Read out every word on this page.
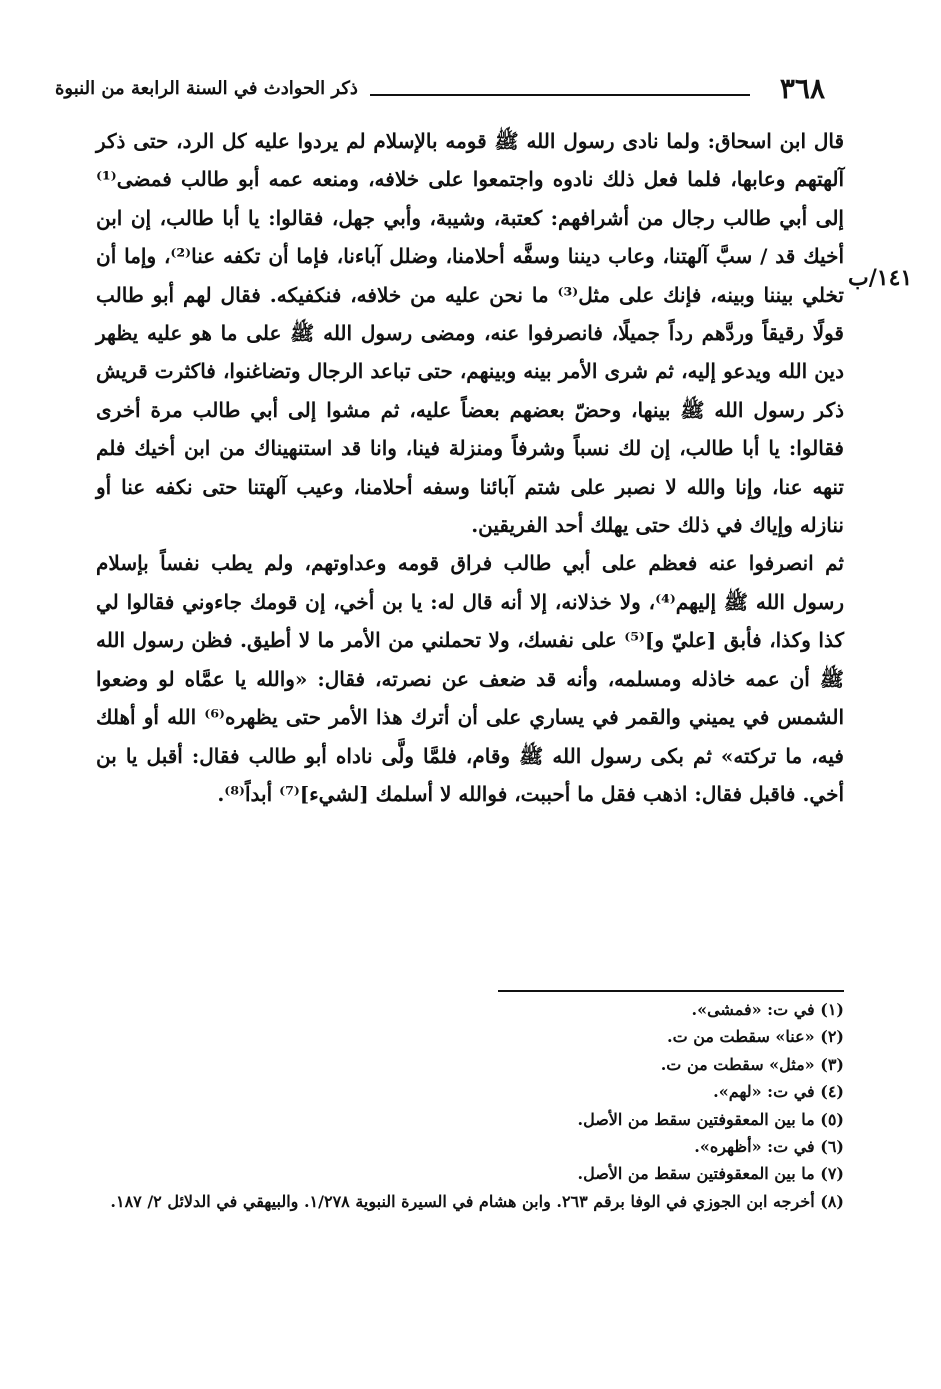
٣٦٨
ذكر الحوادث في السنة الرابعة من النبوة
١٤١/ب

قال ابن اسحاق: ولما نادى رسول الله ﷺ قومه بالإسلام لم يردوا عليه كل الرد، حتى ذكر آلهتهم وعابها، فلما فعل ذلك نادوه واجتمعوا على خلافه، ومنعه عمه أبو طالب فمضى⁽¹⁾ إلى أبي طالب رجال من أشرافهم: كعتبة، وشيبة، وأبي جهل، فقالوا: يا أبا طالب، إن ابن أخيك قد / سبَّ آلهتنا، وعاب ديننا وسفَّه أحلامنا، وضلل آباءنا، فإما أن تكفه عنا⁽²⁾، وإما أن تخلي بيننا وبينه، فإنك على مثل⁽³⁾ ما نحن عليه من خلافه، فنكفيكه. فقال لهم أبو طالب قولًا رقيقاً وردَّهم رداً جميلًا، فانصرفوا عنه، ومضى رسول الله ﷺ على ما هو عليه يظهر دين الله ويدعو إليه، ثم شرى الأمر بينه وبينهم، حتى تباعد الرجال وتضاغنوا، فاكثرت قريش ذكر رسول الله ﷺ بينها، وحضّ بعضهم بعضاً عليه، ثم مشوا إلى أبي طالب مرة أخرى فقالوا: يا أبا طالب، إن لك نسباً وشرفاً ومنزلة فينا، وانا قد استنهيناك من ابن أخيك فلم تنهه عنا، وإنا والله لا نصبر على شتم آبائنا وسفه أحلامنا، وعيب آلهتنا حتى نكفه عنا أو ننازله وإياك في ذلك حتى يهلك أحد الفريقين.

ثم انصرفوا عنه فعظم على أبي طالب فراق قومه وعداوتهم، ولم يطب نفساً بإسلام رسول الله ﷺ إليهم⁽⁴⁾، ولا خذلانه، إلا أنه قال له: يا بن أخي، إن قومك جاءوني فقالوا لي كذا وكذا، فأبق [عليّ و]⁽⁵⁾ على نفسك، ولا تحملني من الأمر ما لا أطيق. فظن رسول الله ﷺ أن عمه خاذله ومسلمه، وأنه قد ضعف عن نصرته، فقال: «والله يا عمَّاه لو وضعوا الشمس في يميني والقمر في يساري على أن أترك هذا الأمر حتى يظهره⁽⁶⁾ الله أو أهلك فيه، ما تركته» ثم بكى رسول الله ﷺ وقام، فلمَّا ولَّى ناداه أبو طالب فقال: أقبل يا بن أخي. فاقبل فقال: اذهب فقل ما أحببت، فوالله لا أسلمك [لشيء]⁽⁷⁾ أبداً⁽⁸⁾.

(١) في ت: «فمشى».
(٢) «عنا» سقطت من ت.
(٣) «مثل» سقطت من ت.
(٤) في ت: «لهم».
(٥) ما بين المعقوفتين سقط من الأصل.
(٦) في ت: «أظهره».
(٧) ما بين المعقوفتين سقط من الأصل.
(٨) أخرجه ابن الجوزي في الوفا برقم ٢٦٣. وابن هشام في السيرة النبوية ١/٢٧٨. والبيهقي في الدلائل ٢/ ١٨٧.
